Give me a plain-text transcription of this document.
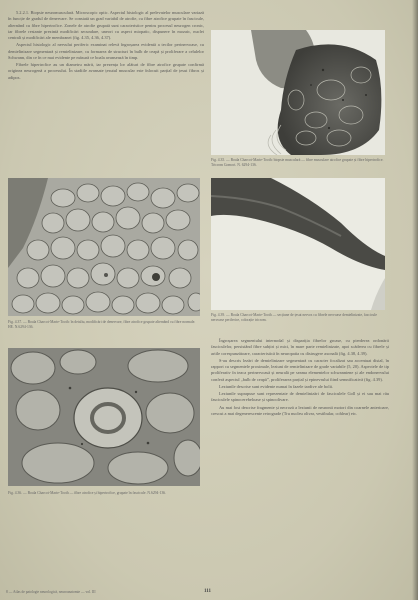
5.2.2.1. Biopsie neuromusculară. Microscopic optic. Aspectul histologic al prelevatelor musculare variază în funcție de gradul de denervare. Se constată un grad variabil de atrofie, cu fibre atrofice grupate în fascicule, alternând cu fibre hipertrofice. Zonele de atrofie grupată sunt caracteristice pentru procesul neurogen cronic, iar fibrele restante prezintă modificări secundare, uneori cu aspect miopatic, dispunere în mozaic, nuclei centrali și modificări ale membranei (fig. 4.35, 4.36, 4.37).

Aspectul histologic al nervului periferic examinat relevă îngroșarea evidentă a tecilor perinervoase, cu demielinizare segmentară și remielinizare, cu formarea de structuri în bulb de ceapă și proliferare a celulelor Schwann, din ce în ce mai evidente pe măsură ce boala avansează în timp.

Fibrele hipertrofice au un diametru mărit, iar prezența lor alături de fibre atrofice grupate confirmă originea neurogenă a procesului. În stadiile avansate țesutul muscular este înlocuit parțial de țesut fibros și adipos.

Fig. 4.35. — Boala Charcot-Marie-Tooth: biopsie musculară — fibre musculare atrofice grupate și fibre hipertrofice. Tricrom Gomori. N. 6294-136.
Fig. 4.37. — Boala Charcot-Marie-Tooth: în detaliu, modificări de denervare, fibre atrofice grupate alternând cu fibre normale. HE. N.6294-136.
Fig. 4.39. — Boala Charcot-Marie-Tooth — secțiune de țesut nervos cu fibrele nervoase demielinizate, fascicule nervoase periferice, colorație tricrom.
Fig. 4.36. — Boala Charcot-Marie-Tooth — fibre atrofice și hipertrofice, grupate în fascicule. N.6294-136.

Îngroșarea segmentului internodal și dispariția fibrelor groase, cu pierderea ordonării fasciculelor, persistând fibre subțiri și mici, în mare parte remielinizate, apoi scăderea cu fibrele și ariile corespunzătoare, caracteristică în neuropatia cu distrugere axonală (fig. 4.38, 4.39).

S-au descris lezări de demielinizare segmentară cu caracter focalizat sau accentuat distal, în rapport cu segmentele proximale, leziuni de remielinizare de grade variabile (5, 20). Aspectele de tip proliferativ în teaca perinervoasă și neurală pe seama elementelor schwanniene și ale endonervului conferă aspectul „bulb de ceapă”, proliferarea parțial și epinevrului fiind semnificativă (fig. 4.39).

Leziunile descrise sunt evidente numai în fazele tardive ale bolii.

Leziunile suprapuse sunt reprezentate de demielinizări de fasciculele Goll și ei sau mai rău fasciculele spinocerebeloase și spinoolivare.

Au mai fost descrise fragmente și necroză a leziunii de neuronii motori din coarnele anterioare, crescut a mai degenerescente retrograde (Tru nucleu olivar, vestibular, cohlear) etc.

8 — Atlas de patologie neurologică, neuroanatomie — vol. III	111
